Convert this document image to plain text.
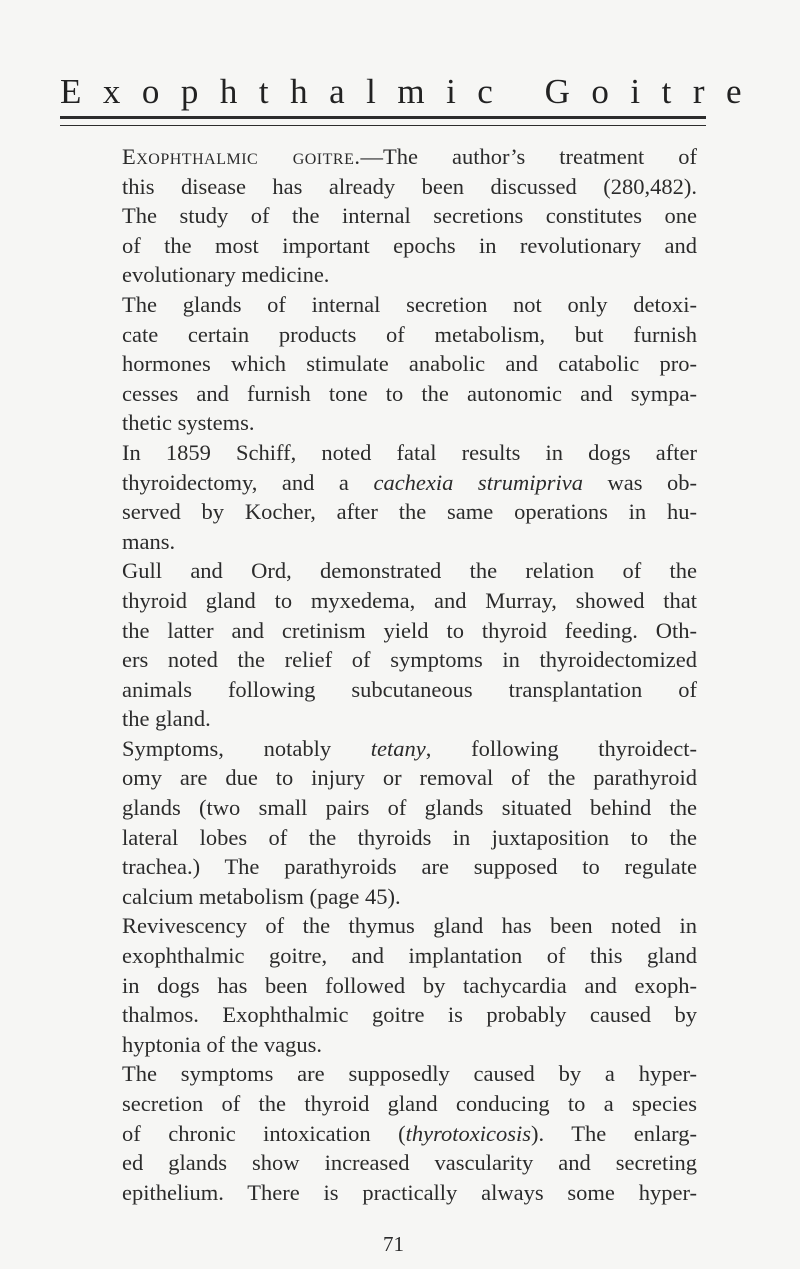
Exophthalmic Goitre
Exophthalmic goitre.—The author’s treatment of
this disease has already been discussed (280,482).
The study of the internal secretions constitutes one
of the most important epochs in revolutionary and
evolutionary medicine.
The glands of internal secretion not only detoxi-
cate certain products of metabolism, but furnish
hormones which stimulate anabolic and catabolic pro-
cesses and furnish tone to the autonomic and sympa-
thetic systems.
In 1859 Schiff, noted fatal results in dogs after
thyroidectomy, and a cachexia strumipriva was ob-
served by Kocher, after the same operations in hu-
mans.
Gull and Ord, demonstrated the relation of the
thyroid gland to myxedema, and Murray, showed that
the latter and cretinism yield to thyroid feeding. Oth-
ers noted the relief of symptoms in thyroidectomized
animals following subcutaneous transplantation of
the gland.
Symptoms, notably tetany, following thyroidect-
omy are due to injury or removal of the parathyroid
glands (two small pairs of glands situated behind the
lateral lobes of the thyroids in juxtaposition to the
trachea.) The parathyroids are supposed to regulate
calcium metabolism (page 45).
Revivescency of the thymus gland has been noted in
exophthalmic goitre, and implantation of this gland
in dogs has been followed by tachycardia and exoph-
thalmos. Exophthalmic goitre is probably caused by
hyptonia of the vagus.
The symptoms are supposedly caused by a hyper-
secretion of the thyroid gland conducing to a species
of chronic intoxication (thyrotoxicosis). The enlarg-
ed glands show increased vascularity and secreting
epithelium. There is practically always some hyper-
71
